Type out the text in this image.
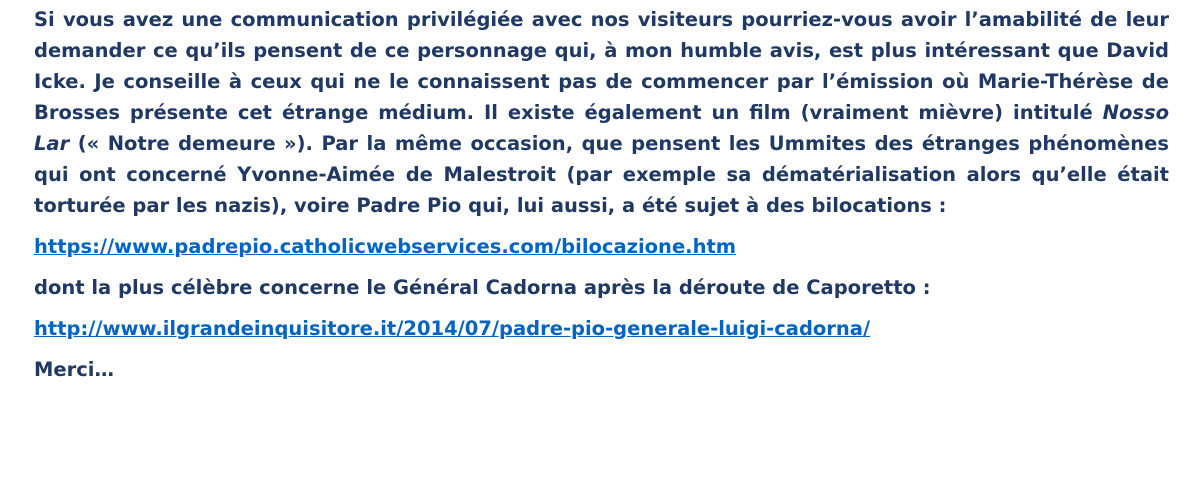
Si vous avez une communication privilégiée avec nos visiteurs pourriez-vous avoir l’amabilité de leur demander ce qu’ils pensent de ce personnage qui, à mon humble avis, est plus intéressant que David Icke. Je conseille à ceux qui ne le connaissent pas de commencer par l’émission où Marie-Thérèse de Brosses présente cet étrange médium. Il existe également un film (vraiment mièvre) intitulé Nosso Lar (« Notre demeure »). Par la même occasion, que pensent les Ummites des étranges phénomènes qui ont concerné Yvonne-Aimée de Malestroit (par exemple sa dématérialisation alors qu’elle était torturée par les nazis), voire Padre Pio qui, lui aussi, a été sujet à des bilocations :

https://www.padrepio.catholicwebservices.com/bilocazione.htm

dont la plus célèbre concerne le Général Cadorna après la déroute de Caporetto :

http://www.ilgrandeinquisitore.it/2014/07/padre-pio-generale-luigi-cadorna/

Merci…
